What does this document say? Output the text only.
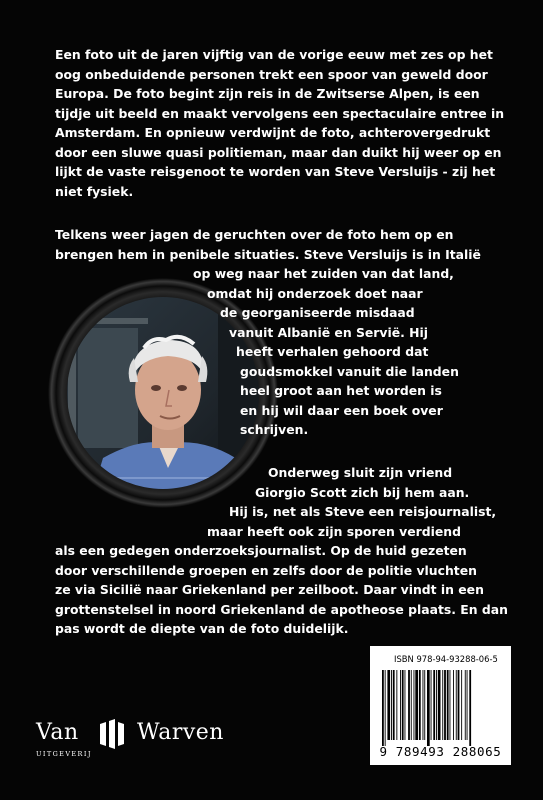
Een foto uit de jaren vijftig van de vorige eeuw met zes op het
oog onbeduidende personen trekt een spoor van geweld door
Europa. De foto begint zijn reis in de Zwitserse Alpen, is een
tijdje uit beeld en maakt vervolgens een spectaculaire entree in
Amsterdam. En opnieuw verdwijnt de foto, achterovergedrukt
door een sluwe quasi politieman, maar dan duikt hij weer op en
lijkt de vaste reisgenoot te worden van Steve Versluijs - zij het
niet fysiek.

Telkens weer jagen de geruchten over de foto hem op en
brengen hem in penibele situaties. Steve Versluijs is in Italië
op weg naar het zuiden van dat land,
omdat hij onderzoek doet naar
de georganiseerde misdaad
vanuit Albanië en Servië. Hij
heeft verhalen gehoord dat
goudsmokkel vanuit die landen
heel groot aan het worden is
en hij wil daar een boek over
schrijven.

Onderweg sluit zijn vriend
Giorgio Scott zich bij hem aan.
Hij is, net als Steve een reisjournalist,
maar heeft ook zijn sporen verdiend
als een gedegen onderzoeksjournalist. Op de huid gezeten
door verschillende groepen en zelfs door de politie vluchten
ze via Sicilië naar Griekenland per zeilboot. Daar vindt in een
grottenstelsel in noord Griekenland de apotheose plaats. En dan
pas wordt de diepte van de foto duidelijk.

Van	Warven
UITGEVERIJ
ISBN 978-94-93288-06-5
9 789493 288065
